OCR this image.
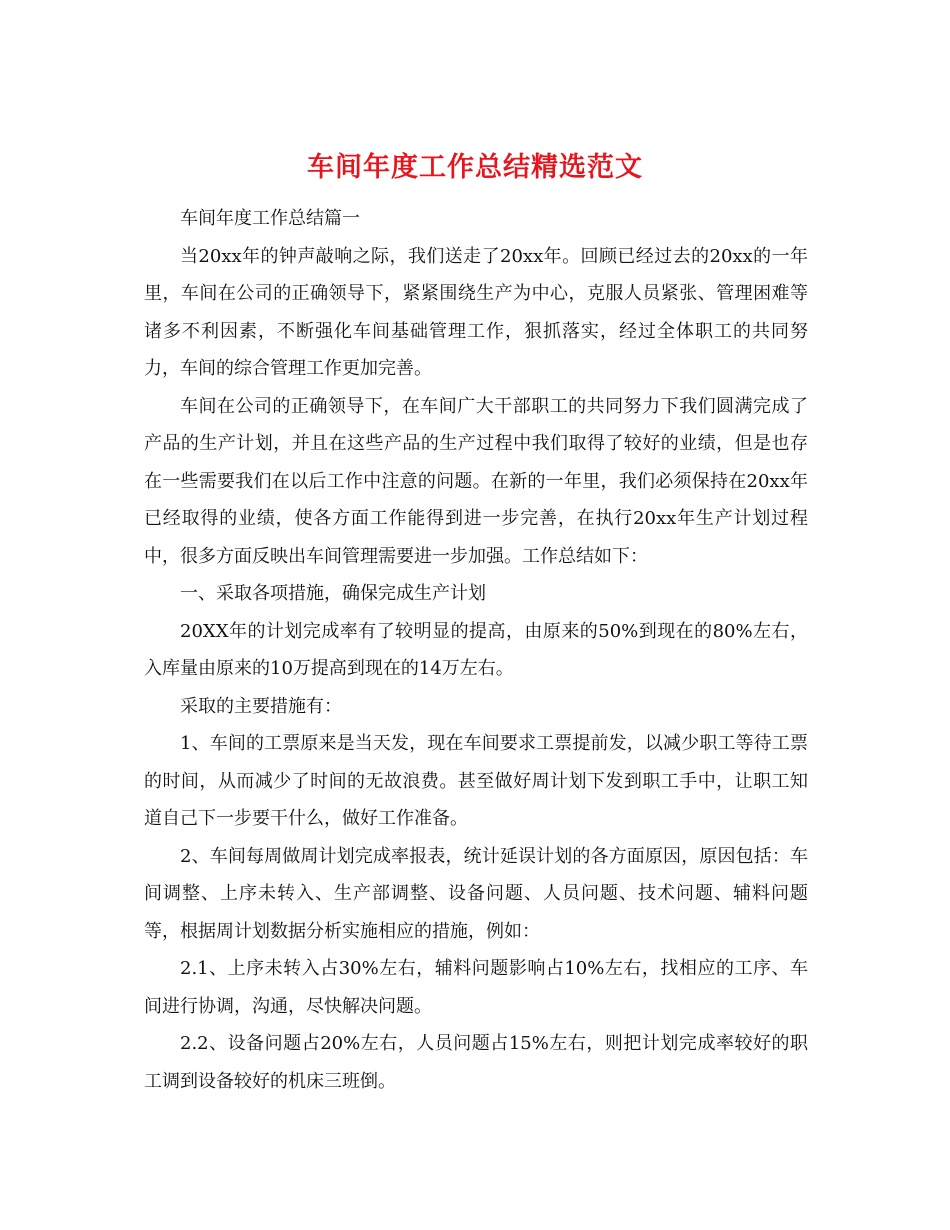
车间年度工作总结精选范文

车间年度工作总结篇一

当20xx年的钟声敲响之际，我们送走了20xx年。回顾已经过去的20xx的一年里，车间在公司的正确领导下，紧紧围绕生产为中心，克服人员紧张、管理困难等诸多不利因素，不断强化车间基础管理工作，狠抓落实，经过全体职工的共同努力，车间的综合管理工作更加完善。

车间在公司的正确领导下，在车间广大干部职工的共同努力下我们圆满完成了产品的生产计划，并且在这些产品的生产过程中我们取得了较好的业绩，但是也存在一些需要我们在以后工作中注意的问题。在新的一年里，我们必须保持在20xx年已经取得的业绩，使各方面工作能得到进一步完善，在执行20xx年生产计划过程中，很多方面反映出车间管理需要进一步加强。工作总结如下：

一、采取各项措施，确保完成生产计划

20XX年的计划完成率有了较明显的提高，由原来的50%到现在的80%左右，入库量由原来的10万提高到现在的14万左右。

采取的主要措施有：

1、车间的工票原来是当天发，现在车间要求工票提前发，以减少职工等待工票的时间，从而减少了时间的无故浪费。甚至做好周计划下发到职工手中，让职工知道自己下一步要干什么，做好工作准备。

2、车间每周做周计划完成率报表，统计延误计划的各方面原因，原因包括：车间调整、上序未转入、生产部调整、设备问题、人员问题、技术问题、辅料问题等，根据周计划数据分析实施相应的措施，例如：

2.1、上序未转入占30%左右，辅料问题影响占10%左右，找相应的工序、车间进行协调，沟通，尽快解决问题。

2.2、设备问题占20%左右，人员问题占15%左右，则把计划完成率较好的职工调到设备较好的机床三班倒。
